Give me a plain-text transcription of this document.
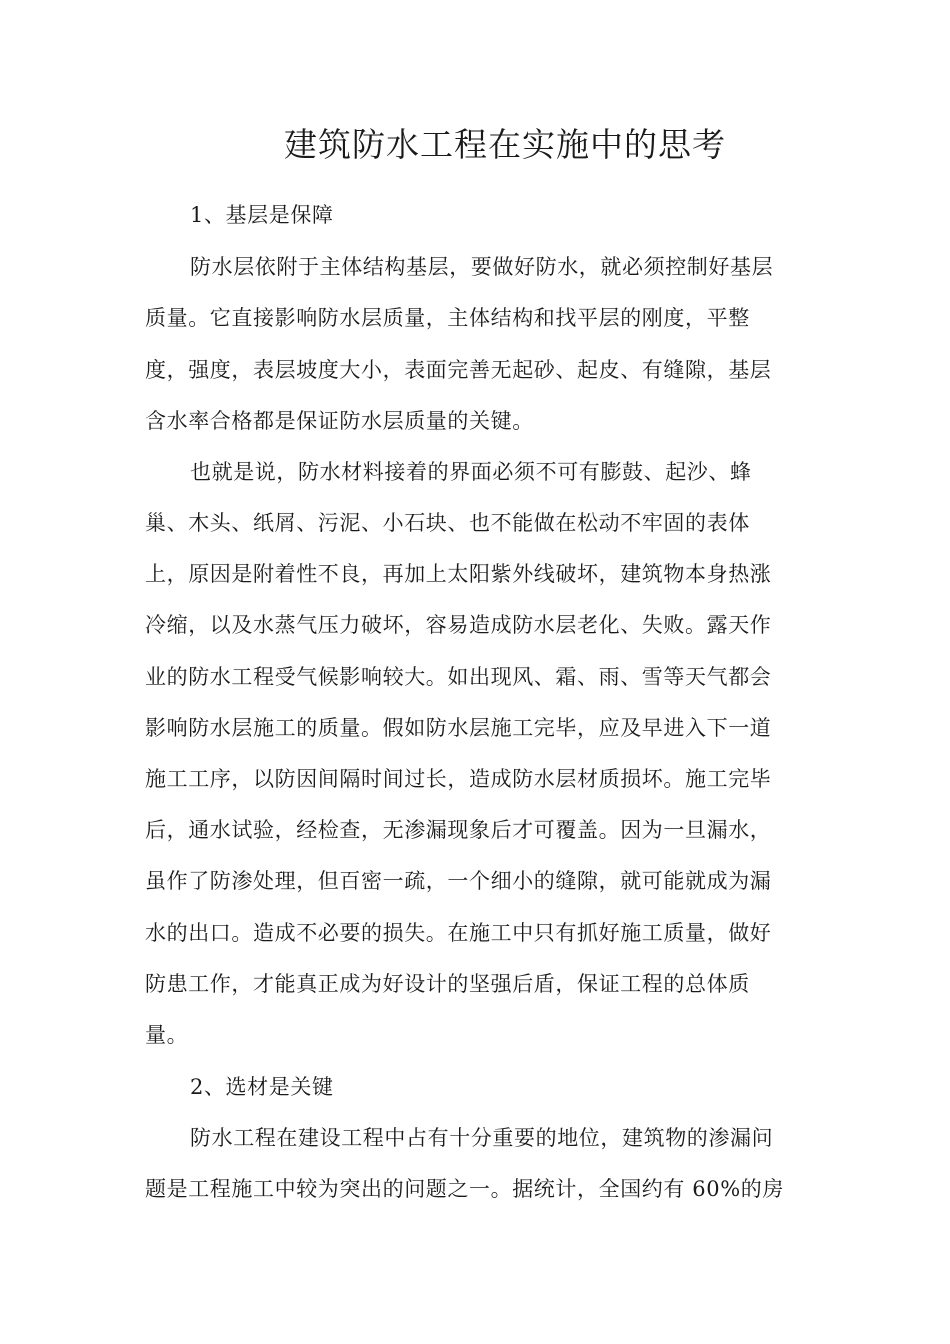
建筑防水工程在实施中的思考
1、基层是保障
防水层依附于主体结构基层，要做好防水，就必须控制好基层
质量。它直接影响防水层质量，主体结构和找平层的刚度，平整
度，强度，表层坡度大小，表面完善无起砂、起皮、有缝隙，基层
含水率合格都是保证防水层质量的关键。
也就是说，防水材料接着的界面必须不可有膨鼓、起沙、蜂
巢、木头、纸屑、污泥、小石块、也不能做在松动不牢固的表体
上，原因是附着性不良，再加上太阳紫外线破坏，建筑物本身热涨
冷缩，以及水蒸气压力破坏，容易造成防水层老化、失败。露天作
业的防水工程受气候影响较大。如出现风、霜、雨、雪等天气都会
影响防水层施工的质量。假如防水层施工完毕，应及早进入下一道
施工工序，以防因间隔时间过长，造成防水层材质损坏。施工完毕
后，通水试验，经检查，无渗漏现象后才可覆盖。因为一旦漏水，
虽作了防渗处理，但百密一疏，一个细小的缝隙，就可能就成为漏
水的出口。造成不必要的损失。在施工中只有抓好施工质量，做好
防患工作，才能真正成为好设计的坚强后盾，保证工程的总体质
量。
2、选材是关键
防水工程在建设工程中占有十分重要的地位，建筑物的渗漏问
题是工程施工中较为突出的问题之一。据统计，全国约有 60%的房
